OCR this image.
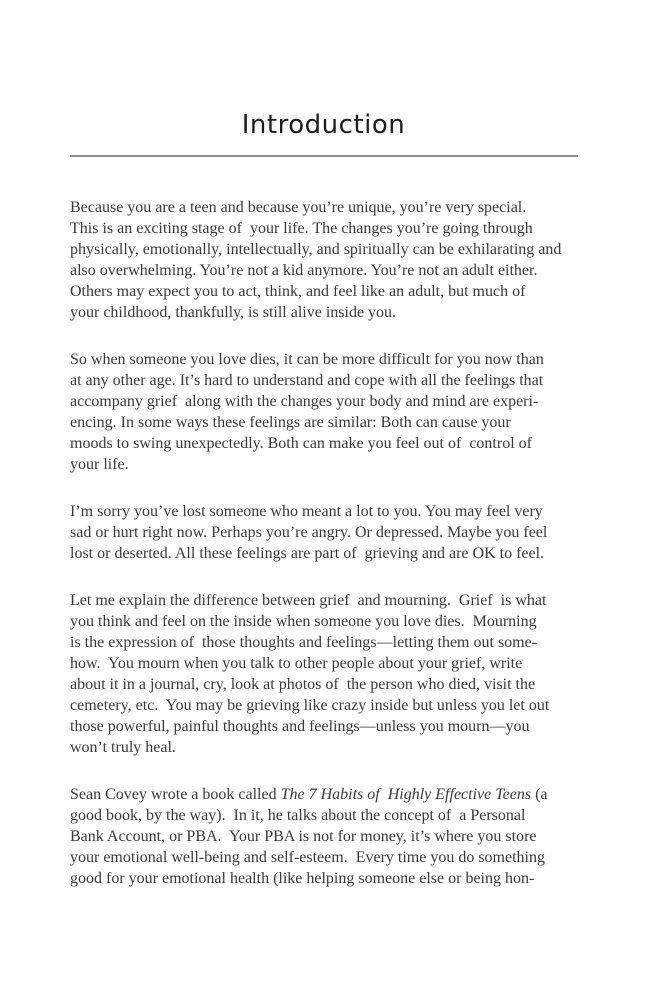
Introduction

Because you are a teen and because you’re unique, you’re very special.
This is an exciting stage of  your life. The changes you’re going through
physically, emotionally, intellectually, and spiritually can be exhilarating and
also overwhelming. You’re not a kid anymore. You’re not an adult either.
Others may expect you to act, think, and feel like an adult, but much of
your childhood, thankfully, is still alive inside you.

So when someone you love dies, it can be more difficult for you now than
at any other age. It’s hard to understand and cope with all the feelings that
accompany grief  along with the changes your body and mind are experi-
encing. In some ways these feelings are similar: Both can cause your
moods to swing unexpectedly. Both can make you feel out of  control of
your life.

I’m sorry you’ve lost someone who meant a lot to you. You may feel very
sad or hurt right now. Perhaps you’re angry. Or depressed. Maybe you feel
lost or deserted. All these feelings are part of  grieving and are OK to feel.

Let me explain the difference between grief  and mourning.  Grief  is what
you think and feel on the inside when someone you love dies.  Mourning
is the expression of  those thoughts and feelings—letting them out some-
how.  You mourn when you talk to other people about your grief, write
about it in a journal, cry, look at photos of  the person who died, visit the
cemetery, etc.  You may be grieving like crazy inside but unless you let out
those powerful, painful thoughts and feelings—unless you mourn—you
won’t truly heal.

Sean Covey wrote a book called The 7 Habits of  Highly Effective Teens (a
good book, by the way).  In it, he talks about the concept of  a Personal
Bank Account, or PBA.  Your PBA is not for money, it’s where you store
your emotional well-being and self-esteem.  Every time you do something
good for your emotional health (like helping someone else or being hon-
